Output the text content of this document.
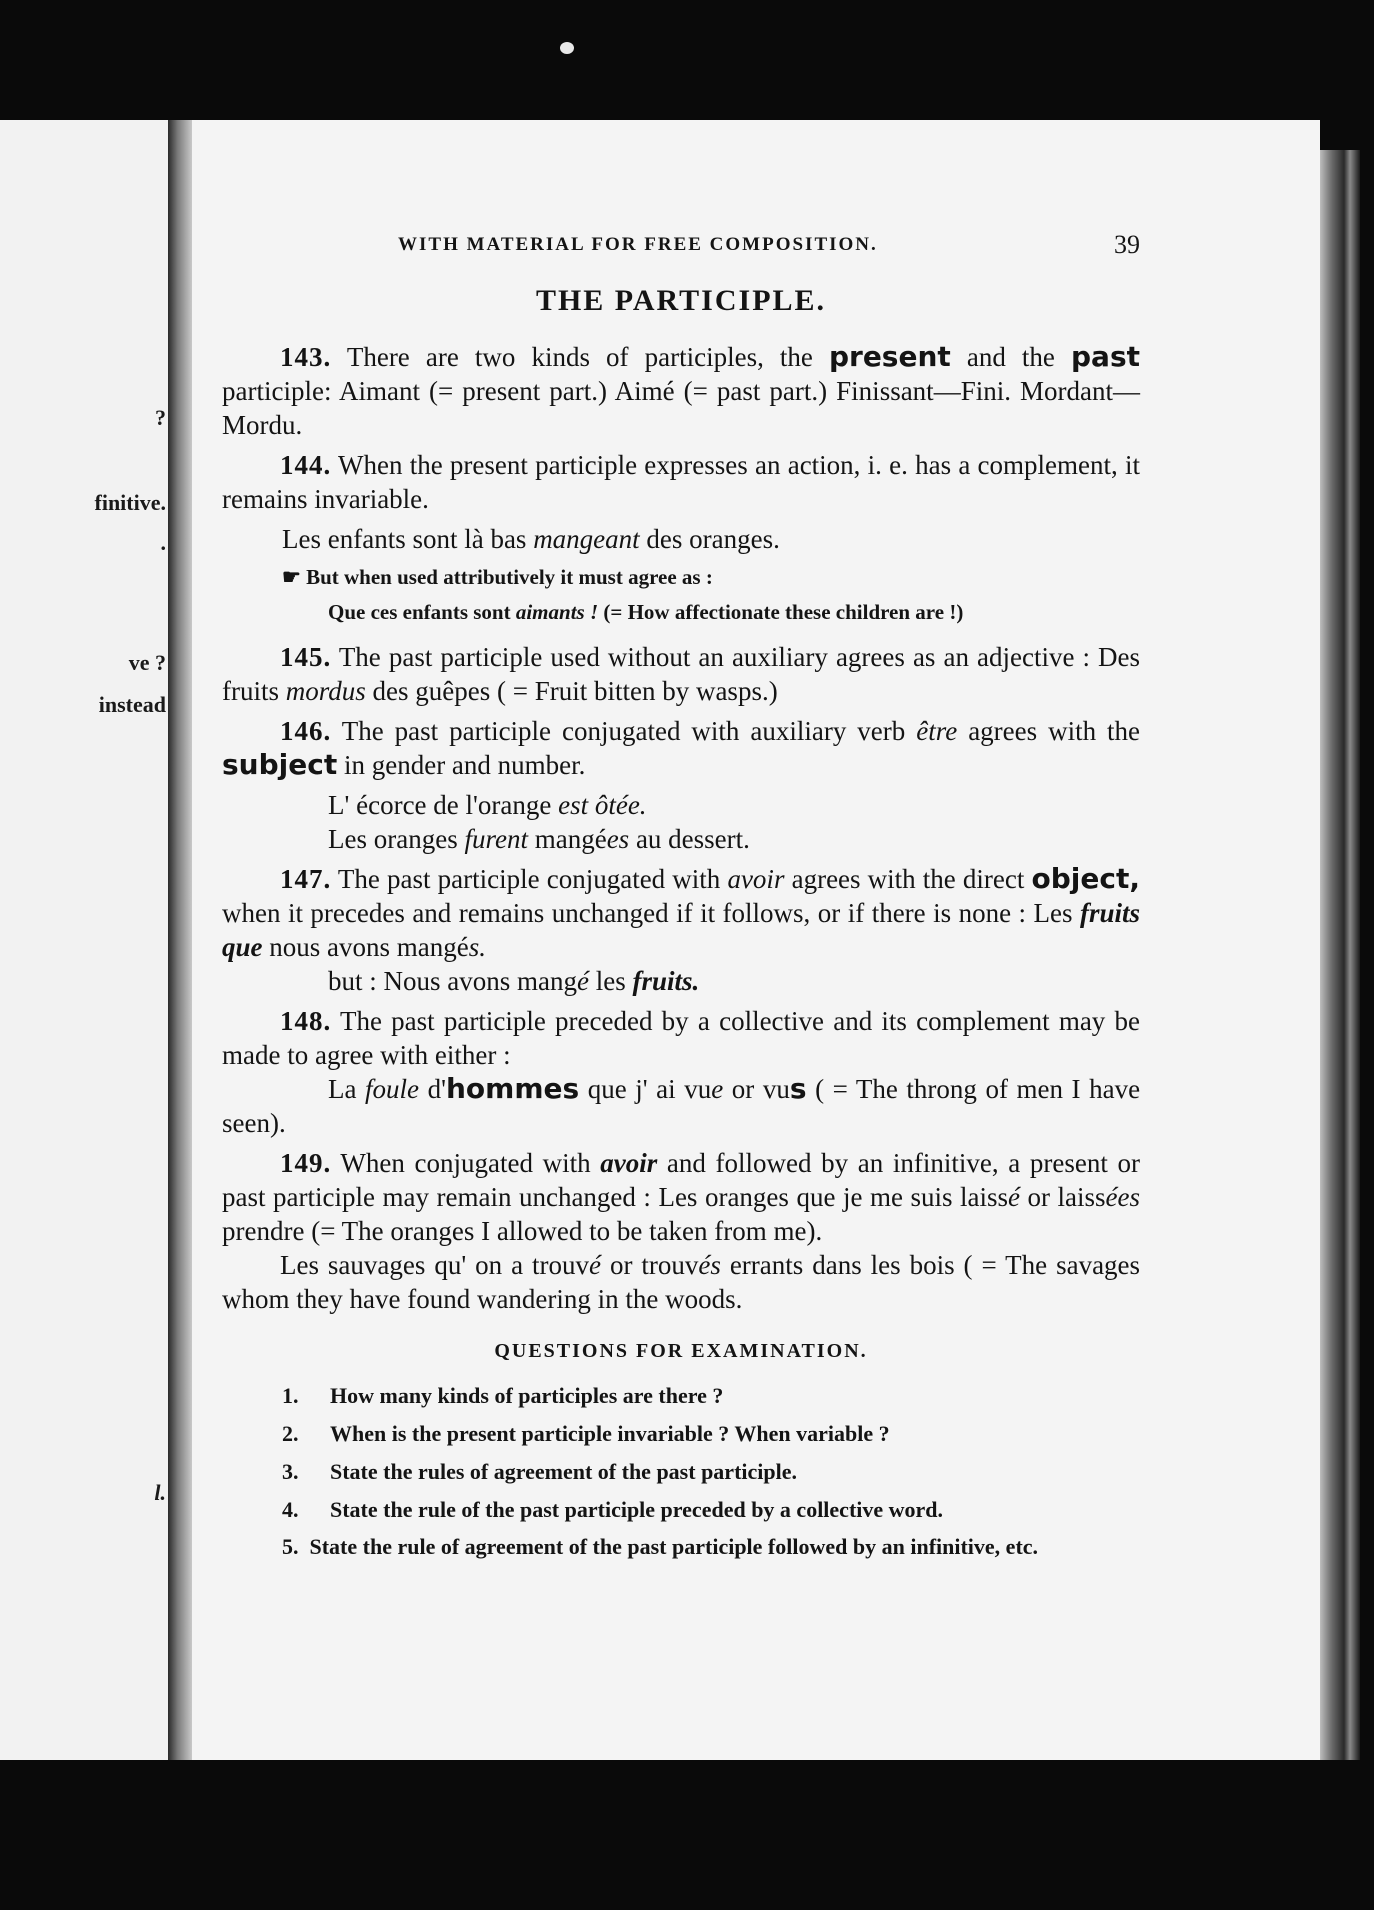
?
finitive.
.
ve ?
instead
l.
WITH MATERIAL FOR FREE COMPOSITION.	39
THE PARTICIPLE.

143. There are two kinds of participles, the present and the past participle: Aimant (= present part.) Aimé (= past part.) Finissant—Fini. Mordant—Mordu.

144. When the present participle expresses an action, i. e. has a complement, it remains invariable.

Les enfants sont là bas mangeant des oranges.

☛ But when used attributively it must agree as :

Que ces enfants sont aimants ! (= How affectionate these children are !)

145. The past participle used without an auxiliary agrees as an adjective : Des fruits mordus des guêpes ( = Fruit bitten by wasps.)

146. The past participle conjugated with auxiliary verb être agrees with the subject in gender and number.

L' écorce de l'orange est ôtée.

Les oranges furent mangées au dessert.

147. The past participle conjugated with avoir agrees with the direct object, when it precedes and remains unchanged if it follows, or if there is none : Les fruits que nous avons mangés.

but : Nous avons mangé les fruits.

148. The past participle preceded by a collective and its complement may be made to agree with either :

La foule d'hommes que j' ai vue or vus ( = The throng of men I have seen).

149. When conjugated with avoir and followed by an infinitive, a present or past participle may remain unchanged : Les oranges que je me suis laissé or laissées prendre (= The oranges I allowed to be taken from me).

Les sauvages qu' on a trouvé or trouvés errants dans les bois ( = The savages whom they have found wandering in the woods.

QUESTIONS FOR EXAMINATION.
1.	How many kinds of participles are there ?
2.	When is the present participle invariable ? When variable ?
3.	State the rules of agreement of the past participle.
4.	State the rule of the past participle preceded by a collective word.

5. State the rule of agreement of the past participle followed by an infinitive, etc.
